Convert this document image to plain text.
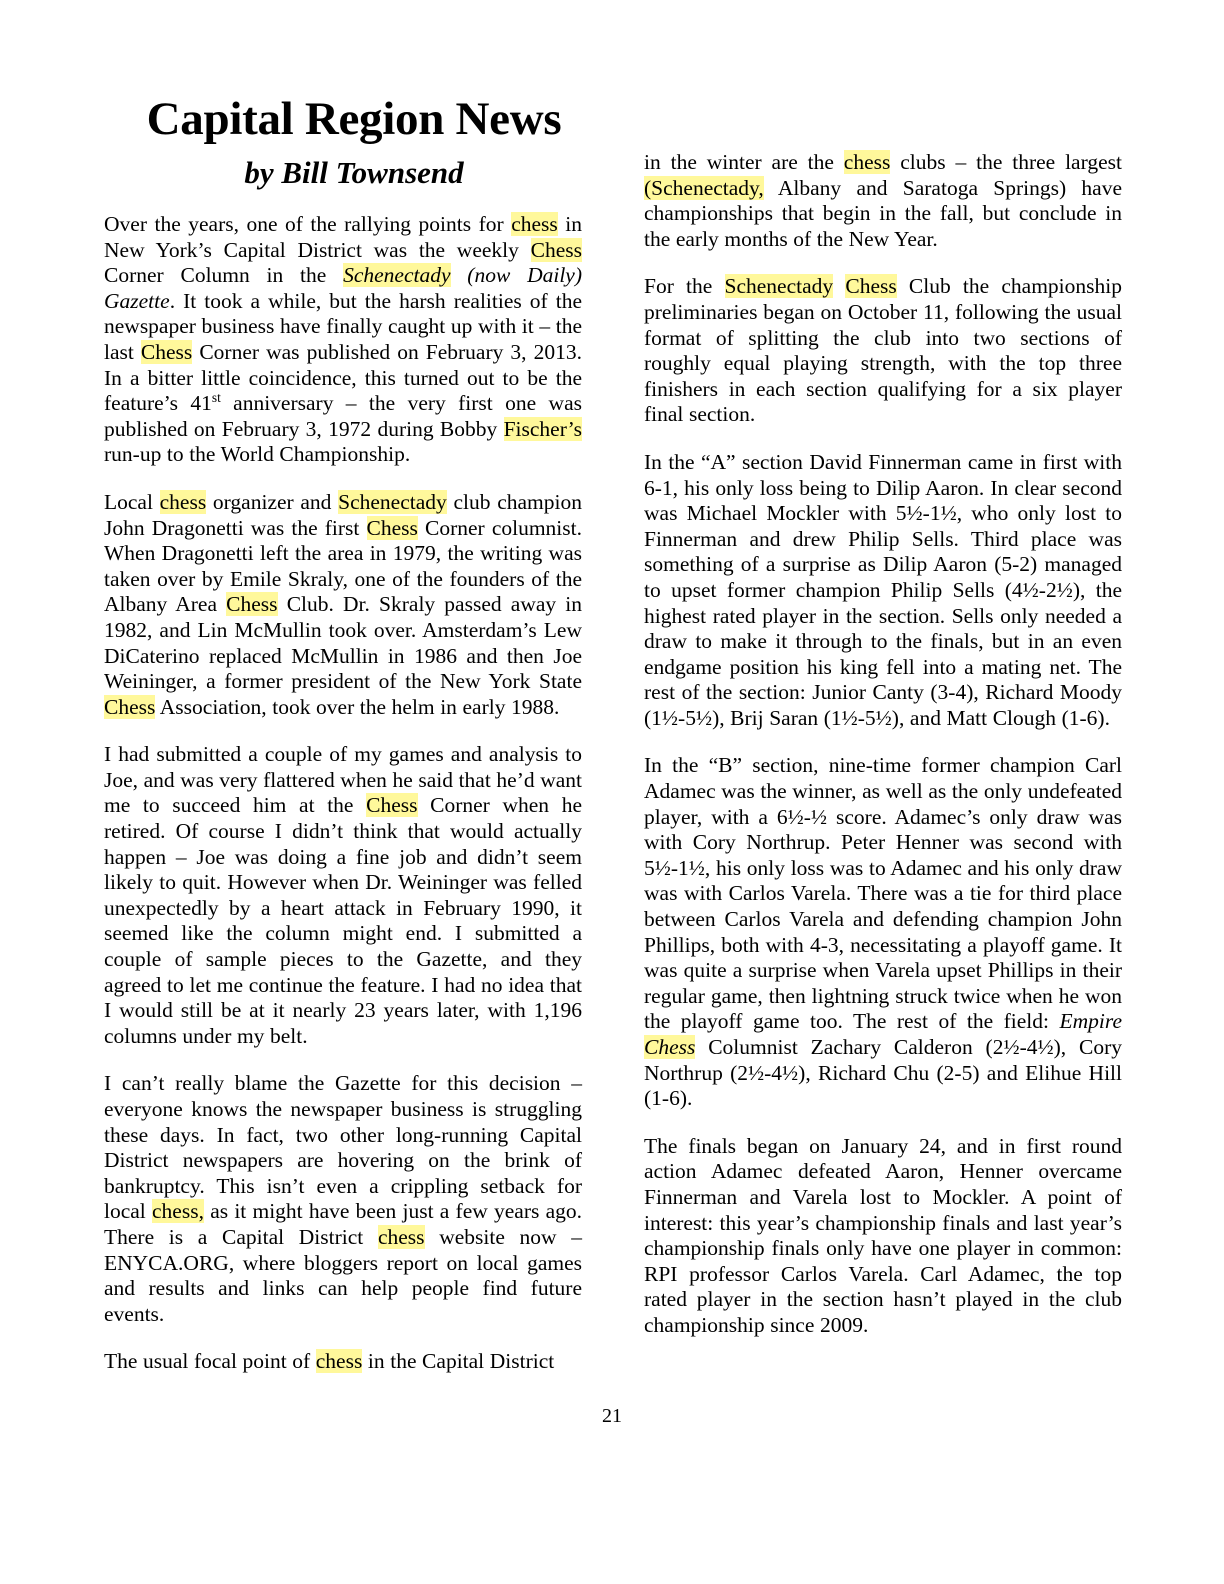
Capital Region News
by Bill Townsend

Over the years, one of the rallying points for chess in New York’s Capital District was the weekly Chess Corner Column in the Schenectady (now Daily) Gazette. It took a while, but the harsh realities of the newspaper business have finally caught up with it – the last Chess Corner was published on February 3, 2013. In a bitter little coincidence, this turned out to be the feature’s 41st anniversary – the very first one was published on February 3, 1972 during Bobby Fischer’s run-up to the World Championship.

Local chess organizer and Schenectady club champion John Dragonetti was the first Chess Corner columnist. When Dragonetti left the area in 1979, the writing was taken over by Emile Skraly, one of the founders of the Albany Area Chess Club. Dr. Skraly passed away in 1982, and Lin McMullin took over. Amsterdam’s Lew DiCaterino replaced McMullin in 1986 and then Joe Weininger, a former president of the New York State Chess Association, took over the helm in early 1988.

I had submitted a couple of my games and analysis to Joe, and was very flattered when he said that he’d want me to succeed him at the Chess Corner when he retired. Of course I didn’t think that would actually happen – Joe was doing a fine job and didn’t seem likely to quit. However when Dr. Weininger was felled unexpectedly by a heart attack in February 1990, it seemed like the column might end. I submitted a couple of sample pieces to the Gazette, and they agreed to let me continue the feature. I had no idea that I would still be at it nearly 23 years later, with 1,196 columns under my belt.

I can’t really blame the Gazette for this decision – everyone knows the newspaper business is struggling these days. In fact, two other long-running Capital District newspapers are hovering on the brink of bankruptcy. This isn’t even a crippling setback for local chess, as it might have been just a few years ago. There is a Capital District chess website now – ENYCA.ORG, where bloggers report on local games and results and links can help people find future events.

The usual focal point of chess in the Capital District

in the winter are the chess clubs – the three largest (Schenectady, Albany and Saratoga Springs) have championships that begin in the fall, but conclude in the early months of the New Year.

For the Schenectady Chess Club the championship preliminaries began on October 11, following the usual format of splitting the club into two sections of roughly equal playing strength, with the top three finishers in each section qualifying for a six player final section.

In the “A” section David Finnerman came in first with 6-1, his only loss being to Dilip Aaron. In clear second was Michael Mockler with 5½-1½, who only lost to Finnerman and drew Philip Sells. Third place was something of a surprise as Dilip Aaron (5-2) managed to upset former champion Philip Sells (4½-2½), the highest rated player in the section. Sells only needed a draw to make it through to the finals, but in an even endgame position his king fell into a mating net. The rest of the section: Junior Canty (3-4), Richard Moody (1½-5½), Brij Saran (1½-5½), and Matt Clough (1-6).

In the “B” section, nine-time former champion Carl Adamec was the winner, as well as the only undefeated player, with a 6½-½ score. Adamec’s only draw was with Cory Northrup. Peter Henner was second with 5½-1½, his only loss was to Adamec and his only draw was with Carlos Varela. There was a tie for third place between Carlos Varela and defending champion John Phillips, both with 4-3, necessitating a playoff game. It was quite a surprise when Varela upset Phillips in their regular game, then lightning struck twice when he won the playoff game too. The rest of the field: Empire Chess Columnist Zachary Calderon (2½-4½), Cory Northrup (2½-4½), Richard Chu (2-5) and Elihue Hill (1-6).

The finals began on January 24, and in first round action Adamec defeated Aaron, Henner overcame Finnerman and Varela lost to Mockler. A point of interest: this year’s championship finals and last year’s championship finals only have one player in common: RPI professor Carlos Varela. Carl Adamec, the top rated player in the section hasn’t played in the club championship since 2009.

21
